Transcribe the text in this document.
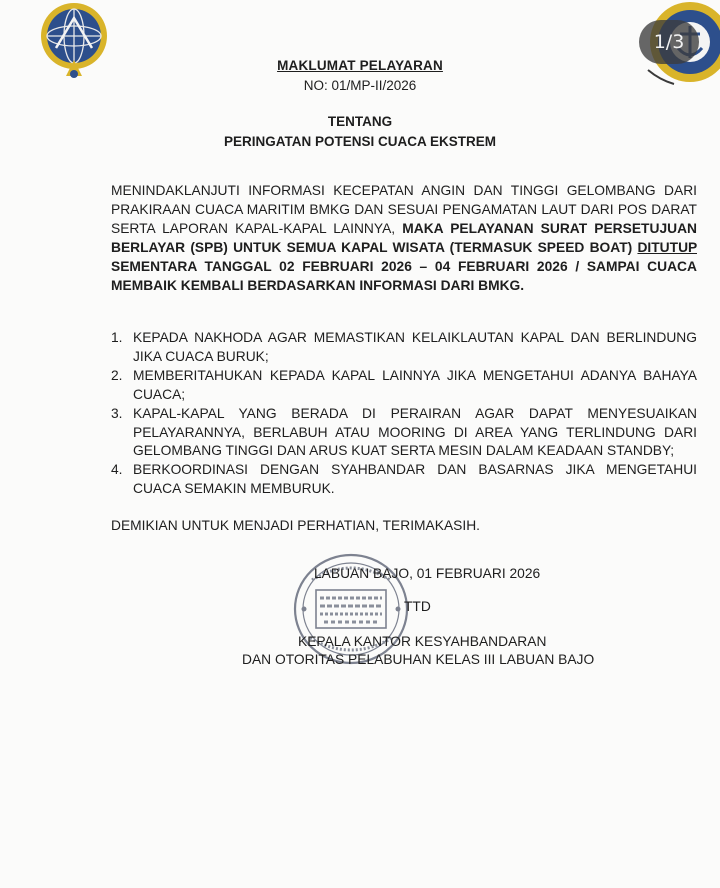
1/3
MAKLUMAT PELAYARAN
NO: 01/MP-II/2026
TENTANG
PERINGATAN POTENSI CUACA EKSTREM
MENINDAKLANJUTI INFORMASI KECEPATAN ANGIN DAN TINGGI GELOMBANG DARI PRAKIRAAN CUACA MARITIM BMKG DAN SESUAI PENGAMATAN LAUT DARI POS DARAT SERTA LAPORAN KAPAL-KAPAL LAINNYA, MAKA PELAYANAN SURAT PERSETUJUAN BERLAYAR (SPB) UNTUK SEMUA KAPAL WISATA (TERMASUK SPEED BOAT) DITUTUP SEMENTARA TANGGAL 02 FEBRUARI 2026 – 04 FEBRUARI 2026 / SAMPAI CUACA MEMBAIK KEMBALI BERDASARKAN INFORMASI DARI BMKG.
1. KEPADA NAKHODA AGAR MEMASTIKAN KELAIKLAUTAN KAPAL DAN BERLINDUNG JIKA CUACA BURUK;
2. MEMBERITAHUKAN KEPADA KAPAL LAINNYA JIKA MENGETAHUI ADANYA BAHAYA CUACA;
3. KAPAL-KAPAL YANG BERADA DI PERAIRAN AGAR DAPAT MENYESUAIKAN PELAYARANNYA, BERLABUH ATAU MOORING DI AREA YANG TERLINDUNG DARI GELOMBANG TINGGI DAN ARUS KUAT SERTA MESIN DALAM KEADAAN STANDBY;
4. BERKOORDINASI DENGAN SYAHBANDAR DAN BASARNAS JIKA MENGETAHUI CUACA SEMAKIN MEMBURUK.
DEMIKIAN UNTUK MENJADI PERHATIAN, TERIMAKASIH.
LABUAN BAJO, 01 FEBRUARI 2026
TTD
KEPALA KANTOR KESYAHBANDARAN
DAN OTORITAS PELABUHAN KELAS III LABUAN BAJO
